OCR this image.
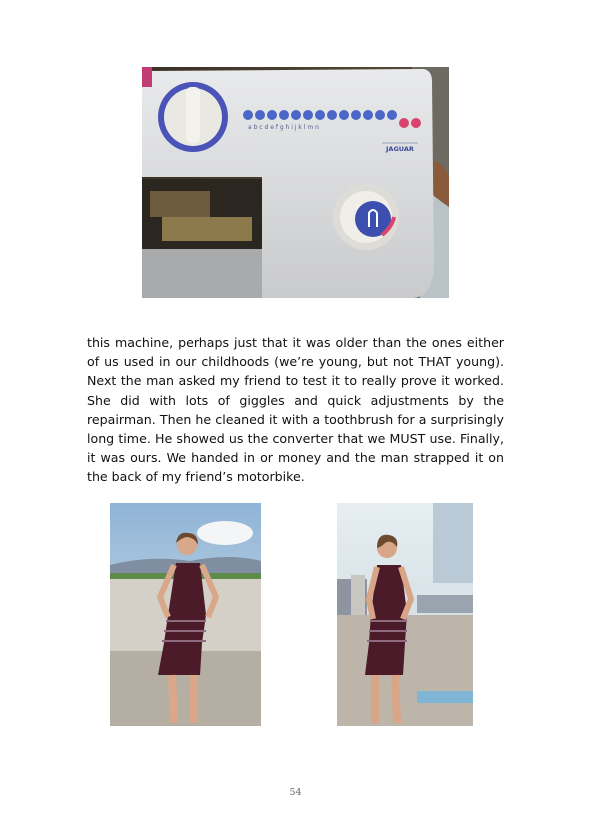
a b c d e f g h i j k l m n
JAGUAR

this machine, perhaps just that it was older than the ones either of us used in our childhoods (we’re young, but not THAT young). Next the man asked my friend to test it to really prove it worked. She did with lots of giggles and quick adjustments by the repairman. Then he cleaned it with a toothbrush for a surprisingly long time. He showed us the converter that we MUST use. Finally, it was ours. We handed in or money and the man strapped it on the back of my friend’s motorbike.

54
